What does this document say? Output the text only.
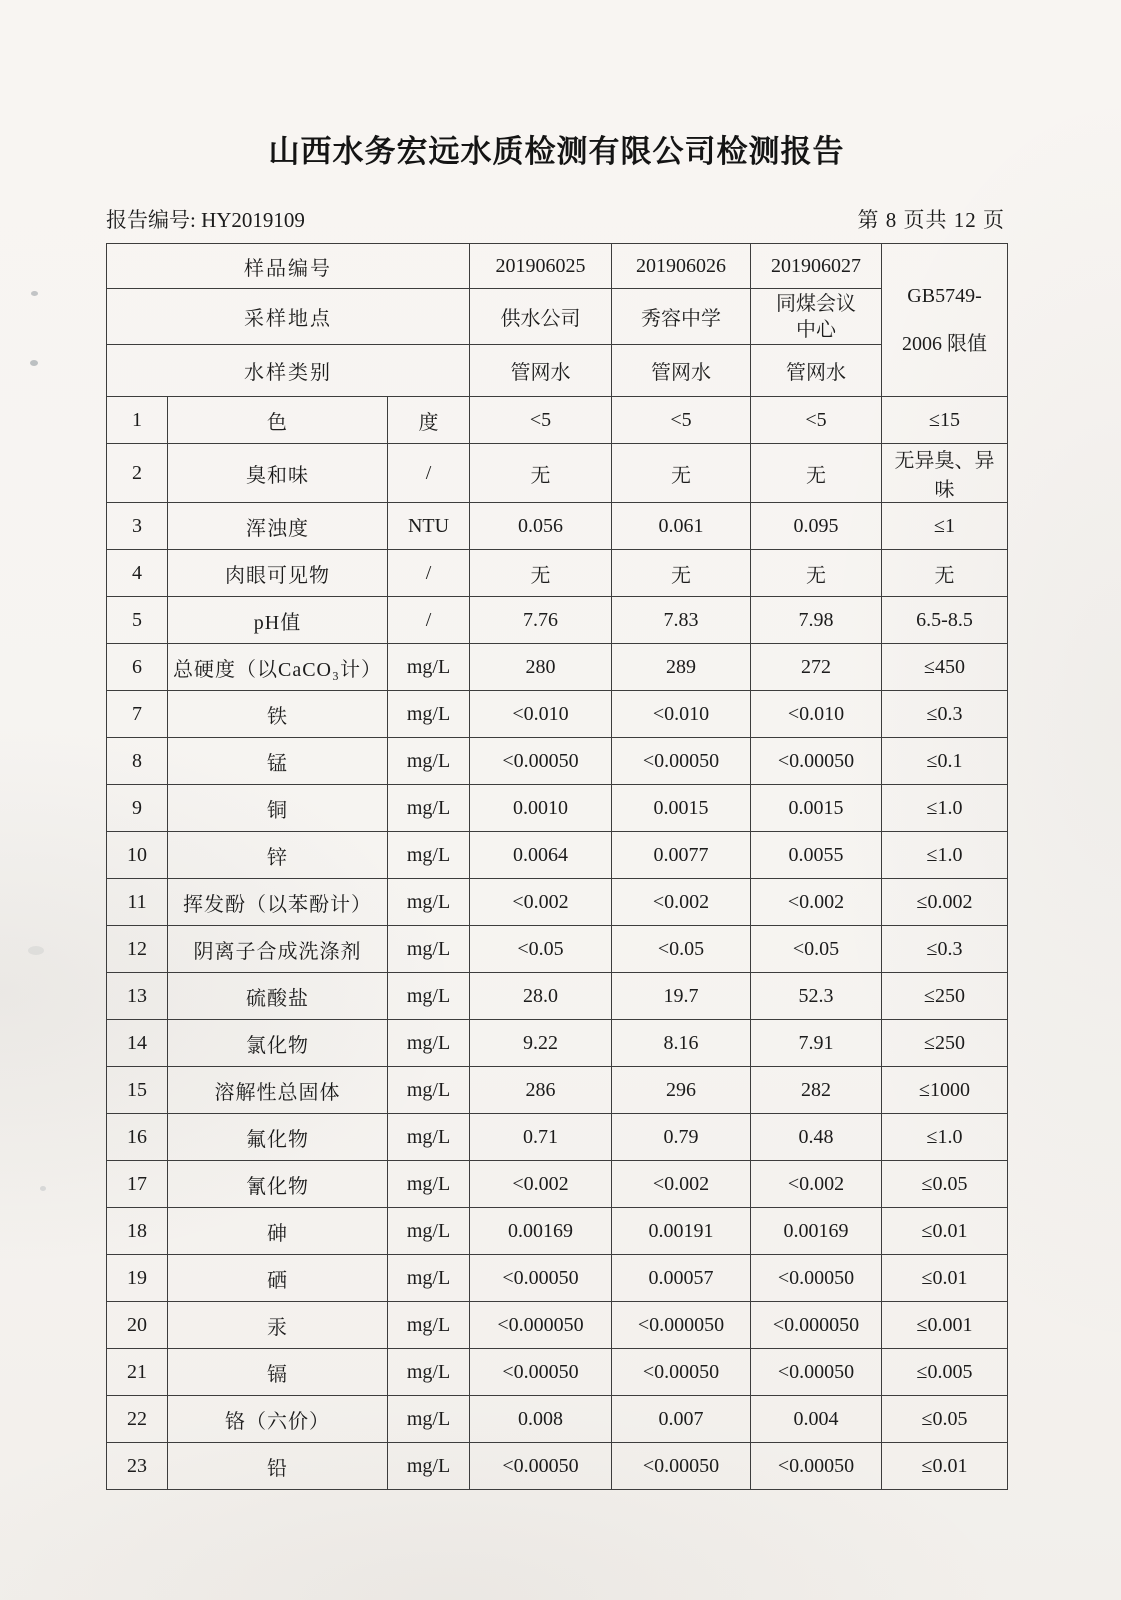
山西水务宏远水质检测有限公司检测报告
报告编号: HY2019109	第 8 页共 12 页
样品编号			201906025	201906026	201906027	GB5749-
2006 限值

采样地点			供水公司	秀容中学	同煤会议中心	
水样类别			管网水	管网水	管网水	
1	色	度	<5	<5	<5	≤15
2	臭和味	/	无	无	无	无异臭、异味
3	浑浊度	NTU	0.056	0.061	0.095	≤1
4	肉眼可见物	/	无	无	无	无
5	pH值	/	7.76	7.83	7.98	6.5-8.5
6	总硬度（以CaCO₃计）	mg/L	280	289	272	≤450
7	铁	mg/L	<0.010	<0.010	<0.010	≤0.3
8	锰	mg/L	<0.00050	<0.00050	<0.00050	≤0.1
9	铜	mg/L	0.0010	0.0015	0.0015	≤1.0
10	锌	mg/L	0.0064	0.0077	0.0055	≤1.0
11	挥发酚（以苯酚计）	mg/L	<0.002	<0.002	<0.002	≤0.002
12	阴离子合成洗涤剂	mg/L	<0.05	<0.05	<0.05	≤0.3
13	硫酸盐	mg/L	28.0	19.7	52.3	≤250
14	氯化物	mg/L	9.22	8.16	7.91	≤250
15	溶解性总固体	mg/L	286	296	282	≤1000
16	氟化物	mg/L	0.71	0.79	0.48	≤1.0
17	氰化物	mg/L	<0.002	<0.002	<0.002	≤0.05
18	砷	mg/L	0.00169	0.00191	0.00169	≤0.01
19	硒	mg/L	<0.00050	0.00057	<0.00050	≤0.01
20	汞	mg/L	<0.000050	<0.000050	<0.000050	≤0.001
21	镉	mg/L	<0.00050	<0.00050	<0.00050	≤0.005
22	铬（六价）	mg/L	0.008	0.007	0.004	≤0.05
23	铅	mg/L	<0.00050	<0.00050	<0.00050	≤0.01
